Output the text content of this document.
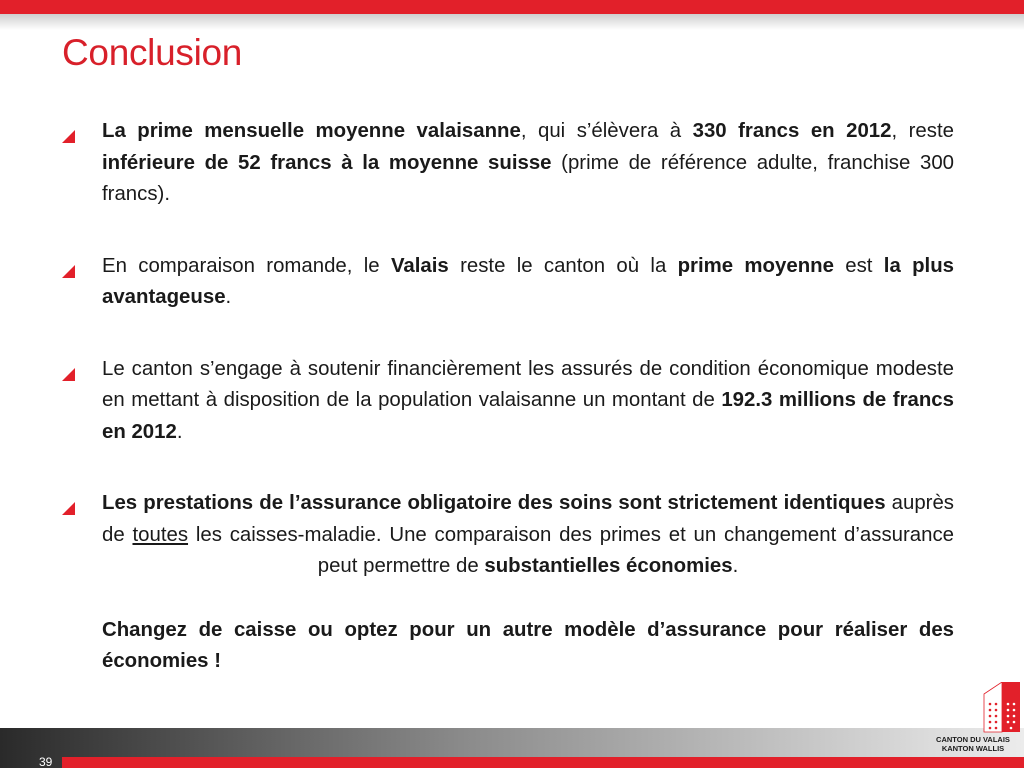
Conclusion
La prime mensuelle moyenne valaisanne, qui s’élèvera à 330 francs en 2012, reste inférieure de 52 francs à la moyenne suisse (prime de référence adulte, franchise 300 francs).
En comparaison romande, le Valais reste le canton où la prime moyenne est la plus avantageuse.
Le canton s’engage à soutenir financièrement les assurés de condition économique modeste en mettant à disposition de la population valaisanne un montant de 192.3 millions de francs en 2012.
Les prestations de l’assurance obligatoire des soins sont strictement identiques auprès de toutes les caisses-maladie. Une comparaison des primes et un changement d’assurance peut permettre de substantielles économies.
Changez de caisse ou optez pour un autre modèle d’assurance pour réaliser des économies !
39
CANTON DU VALAIS
KANTON WALLIS
